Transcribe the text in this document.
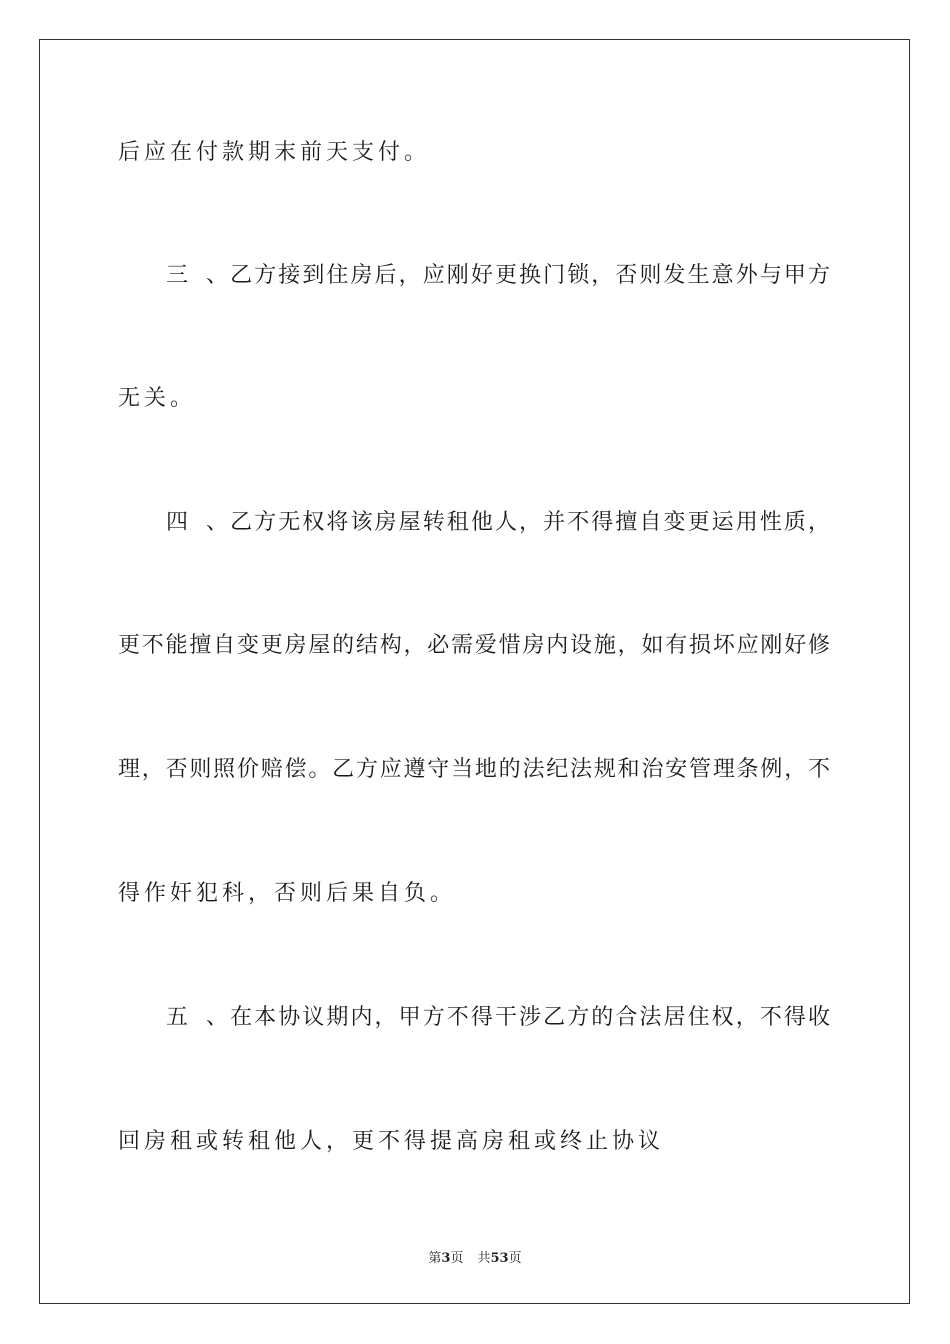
后应在付款期末前天支付。
三、乙方接到住房后，应刚好更换门锁，否则发生意外与甲方
无关。
四、乙方无权将该房屋转租他人，并不得擅自变更运用性质，
更不能擅自变更房屋的结构，必需爱惜房内设施，如有损坏应刚好修
理，否则照价赔偿。乙方应遵守当地的法纪法规和治安管理条例，不
得作奸犯科，否则后果自负。
五、在本协议期内，甲方不得干涉乙方的合法居住权，不得收
回房租或转租他人，更不得提高房租或终止协议
第3页 共53页
